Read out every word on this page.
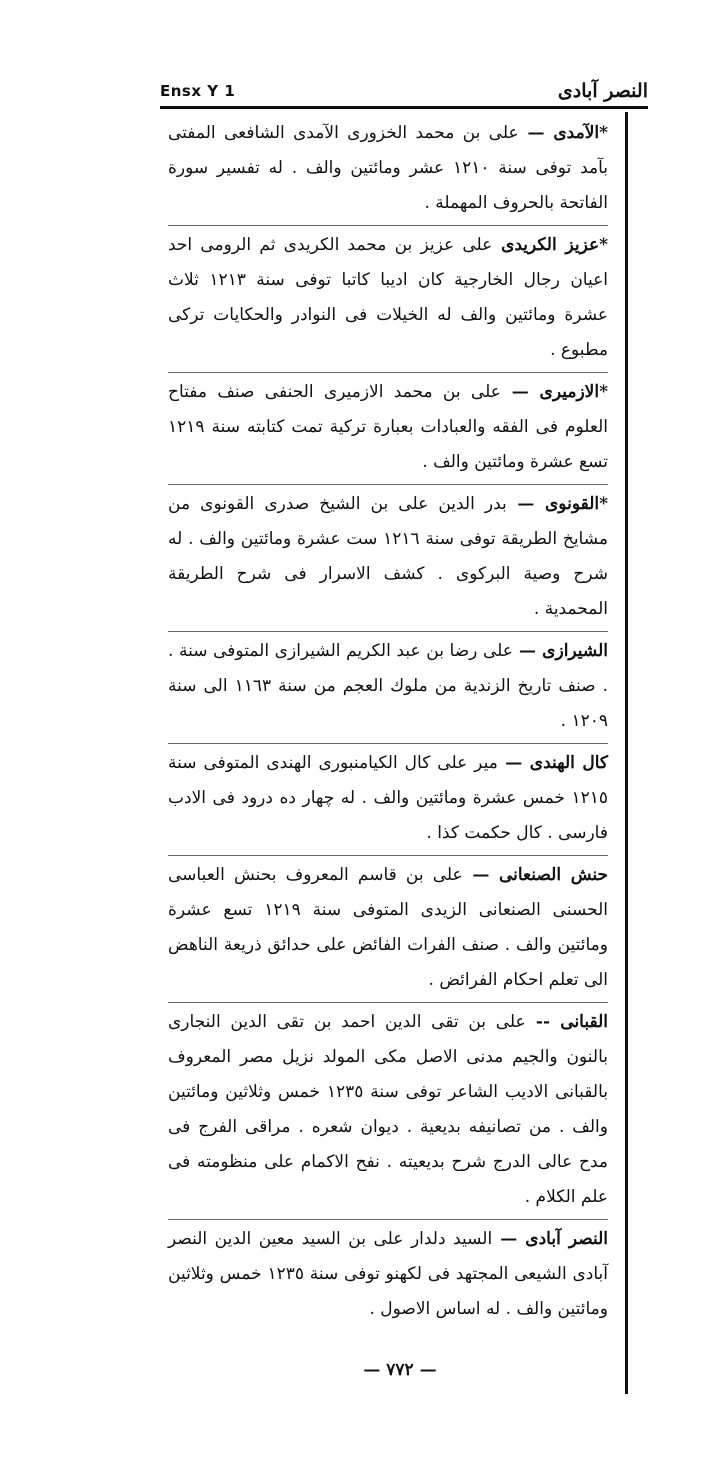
Ensx Y 1	النصر آبادی

*الآمدی — علی بن محمد الخزوری الآمدی الشافعی المفتی بآمد توفی سنة ١٢١٠ عشر ومائتين والف . له تفسير سورة الفاتحة بالحروف المهملة .

*عزیز الکریدی علی عزیز بن محمد الکریدی ثم الرومی احد اعيان رجال الخارجية كان اديبا كاتبا توفی سنة ١٢١٣ ثلاث عشرة ومائتين والف له الخيلات فی النوادر والحكايات تركی مطبوع .

*الازميری — علی بن محمد الازميری الحنفی صنف مفتاح العلوم فی الفقه والعبادات بعبارة تركية تمت كتابته سنة ١٢١٩ تسع عشرة ومائتين والف .

*القونوی — بدر الدين علی بن الشيخ صدری القونوی من مشايخ الطريقة توفی سنة ١٢١٦ ست عشرة ومائتين والف . له شرح وصية البركوی . كشف الاسرار فی شرح الطريقة المحمدية .

الشيرازی — علی رضا بن عبد الكريم الشيرازی المتوفى سنة . . صنف تاريخ الزندية من ملوك العجم من سنة ١١٦٣ الى سنة ١٢٠٩ .

كال الهندی — مير علی كال الكيامنبوری الهندی المتوفى سنة ١٢١٥ خمس عشرة ومائتين والف . له چهار ده درود فی الادب فارسی . كال حكمت كذا .

حنش الصنعانی — علی بن قاسم المعروف بحنش العباسی الحسنی الصنعانی الزيدی المتوفى سنة ١٢١٩ تسع عشرة ومائتين والف . صنف الفرات الفائض علی حدائق ذريعة الناهض الى تعلم احكام الفرائض .

القبانی -- علی بن تقی الدين احمد بن تقی الدين النجاری بالنون والجيم مدنی الاصل مكی المولد نزيل مصر المعروف بالقبانی الاديب الشاعر توفی سنة ١٢٣٥ خمس وثلاثين ومائتين والف . من تصانيفه بديعية . ديوان شعره . مراقی الفرج فی مدح عالی الدرج شرح بديعيته . نفح الاكمام علی منظومته فی علم الكلام .

النصر آبادی — السيد دلدار علی بن السيد معين الدين النصر آبادی الشيعی المجتهد فی لكهنو توفی سنة ١٢٣٥ خمس وثلاثين ومائتين والف . له اساس الاصول .

— ٧٧٢ —
